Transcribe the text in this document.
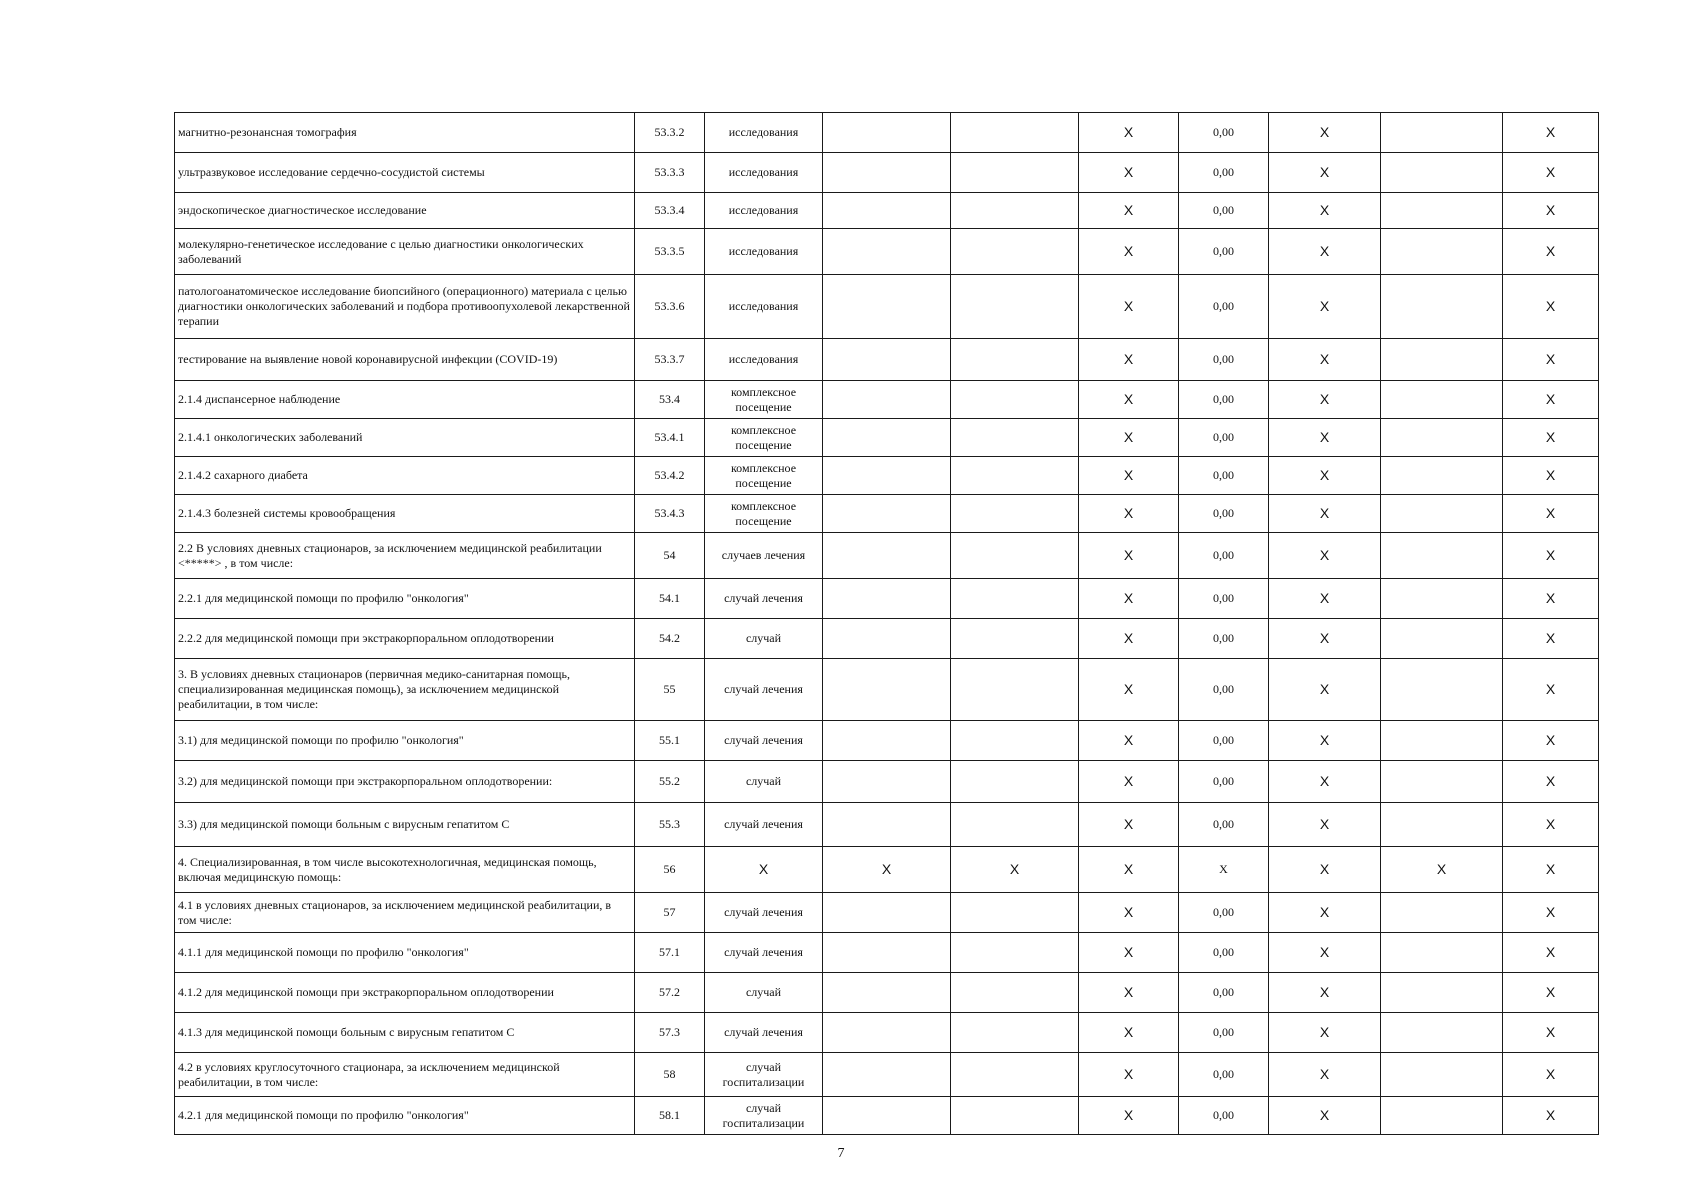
магнитно-резонансная томография	53.3.2	исследования			X	0,00	X		X
ультразвуковое исследование сердечно-сосудистой системы	53.3.3	исследования			X	0,00	X		X
эндоскопическое диагностическое исследование	53.3.4	исследования			X	0,00	X		X
молекулярно-генетическое исследование с целью диагностики онкологических заболеваний	53.3.5	исследования			X	0,00	X		X
патологоанатомическое исследование биопсийного (операционного) материала с целью диагностики онкологических заболеваний и подбора противоопухолевой лекарственной терапии	53.3.6	исследования			X	0,00	X		X
тестирование на выявление новой коронавирусной инфекции (COVID-19)	53.3.7	исследования			X	0,00	X		X
2.1.4 диспансерное наблюдение	53.4	комплексное посещение			X	0,00	X		X
2.1.4.1 онкологических заболеваний	53.4.1	комплексное посещение			X	0,00	X		X
2.1.4.2 сахарного диабета	53.4.2	комплексное посещение			X	0,00	X		X
2.1.4.3 болезней системы кровообращения	53.4.3	комплексное посещение			X	0,00	X		X
2.2 В условиях дневных стационаров, за исключением медицинской реабилитации <*****> , в том числе:	54	случаев лечения			X	0,00	X		X
2.2.1 для медицинской помощи по профилю "онкология"	54.1	случай лечения			X	0,00	X		X
2.2.2 для медицинской помощи при экстракорпоральном оплодотворении	54.2	случай			X	0,00	X		X
3. В условиях дневных стационаров (первичная медико-санитарная помощь, специализированная медицинская помощь), за исключением медицинской реабилитации, в том числе:	55	случай лечения			X	0,00	X		X
3.1) для медицинской помощи по профилю "онкология"	55.1	случай лечения			X	0,00	X		X
3.2) для медицинской помощи при экстракорпоральном оплодотворении:	55.2	случай			X	0,00	X		X
3.3) для медицинской помощи больным с вирусным гепатитом С	55.3	случай лечения			X	0,00	X		X
4. Специализированная, в том числе высокотехнологичная, медицинская помощь, включая медицинскую помощь:	56	X	X	X	X	X	X	X	X
4.1 в условиях дневных стационаров, за исключением медицинской реабилитации, в том числе:	57	случай лечения			X	0,00	X		X
4.1.1 для медицинской помощи по профилю "онкология"	57.1	случай лечения			X	0,00	X		X
4.1.2 для медицинской помощи при экстракорпоральном оплодотворении	57.2	случай			X	0,00	X		X
4.1.3 для медицинской помощи больным с вирусным гепатитом С	57.3	случай лечения			X	0,00	X		X
4.2 в условиях круглосуточного стационара, за исключением медицинской реабилитации, в том числе:	58	случай госпитализации			X	0,00	X		X
4.2.1 для медицинской помощи по профилю "онкология"	58.1	случай госпитализации			X	0,00	X		X
7
